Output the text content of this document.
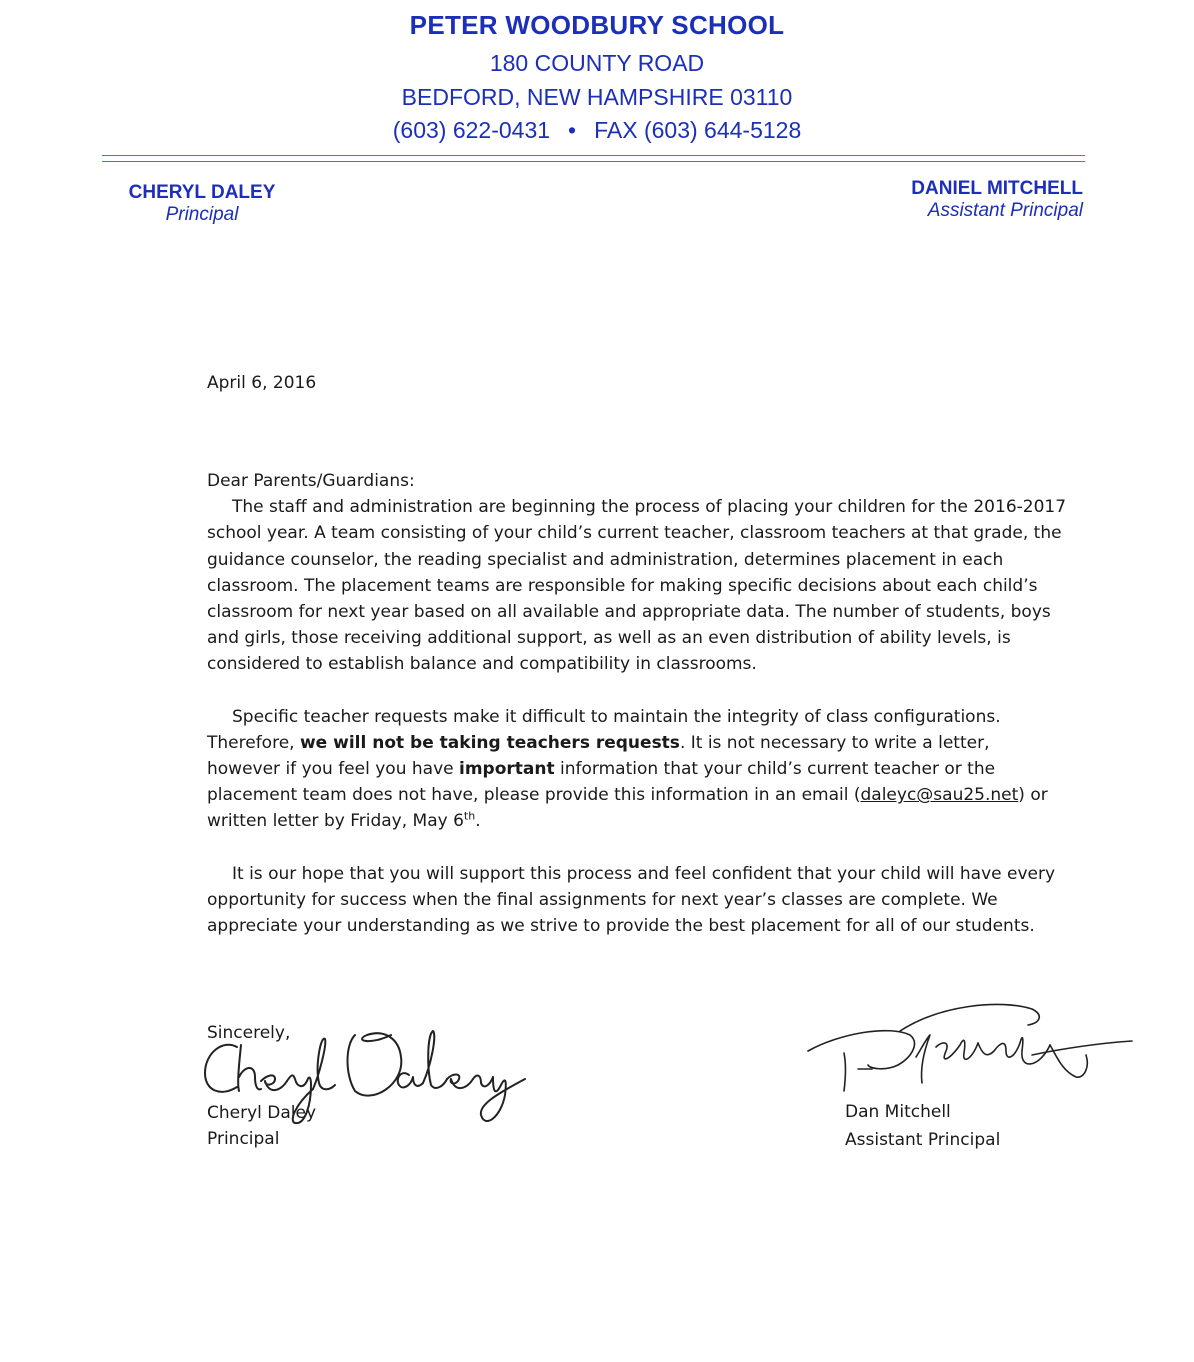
PETER WOODBURY SCHOOL
180 COUNTY ROAD
BEDFORD, NEW HAMPSHIRE 03110
(603) 622-0431 • FAX (603) 644-5128
CHERYL DALEY
Principal
DANIEL MITCHELL
Assistant Principal
April 6, 2016

Dear Parents/Guardians:

The staff and administration are beginning the process of placing your children for the 2016-2017 school year. A team consisting of your child’s current teacher, classroom teachers at that grade, the guidance counselor, the reading specialist and administration, determines placement in each classroom. The placement teams are responsible for making specific decisions about each child’s classroom for next year based on all available and appropriate data. The number of students, boys and girls, those receiving additional support, as well as an even distribution of ability levels, is considered to establish balance and compatibility in classrooms.

Specific teacher requests make it difficult to maintain the integrity of class configurations. Therefore, we will not be taking teachers requests. It is not necessary to write a letter, however if you feel you have important information that your child’s current teacher or the placement team does not have, please provide this information in an email (daleyc@sau25.net) or written letter by Friday, May 6th.

It is our hope that you will support this process and feel confident that your child will have every opportunity for success when the final assignments for next year’s classes are complete. We appreciate your understanding as we strive to provide the best placement for all of our students.

Sincerely,
Cheryl Daley
Principal
Dan Mitchell
Assistant Principal
